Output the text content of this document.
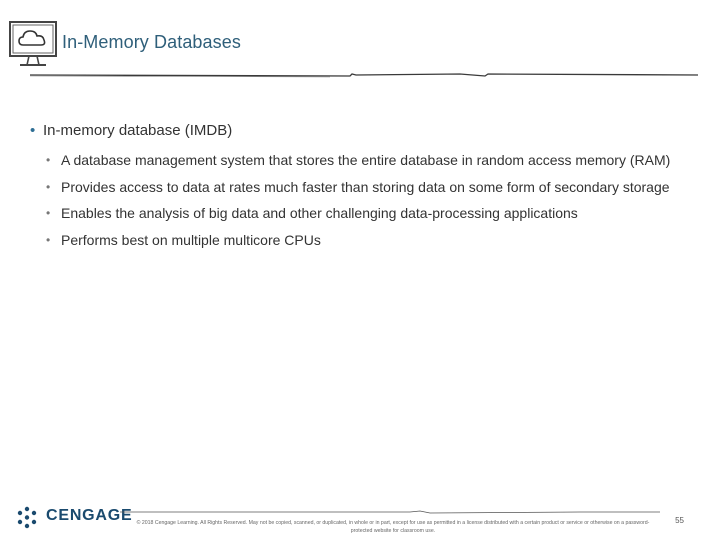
In-Memory Databases
• In-memory database (IMDB)
• A database management system that stores the entire database in random access memory (RAM)
• Provides access to data at rates much faster than storing data on some form of secondary storage
• Enables the analysis of big data and other challenging data-processing applications
• Performs best on multiple multicore CPUs
CENGAGE © 2018 Cengage Learning. All Rights Reserved. May not be copied, scanned, or duplicated, in whole or in part, except for use as permitted in a license distributed with a certain product or service or otherwise on a password-protected website for classroom use.
55
